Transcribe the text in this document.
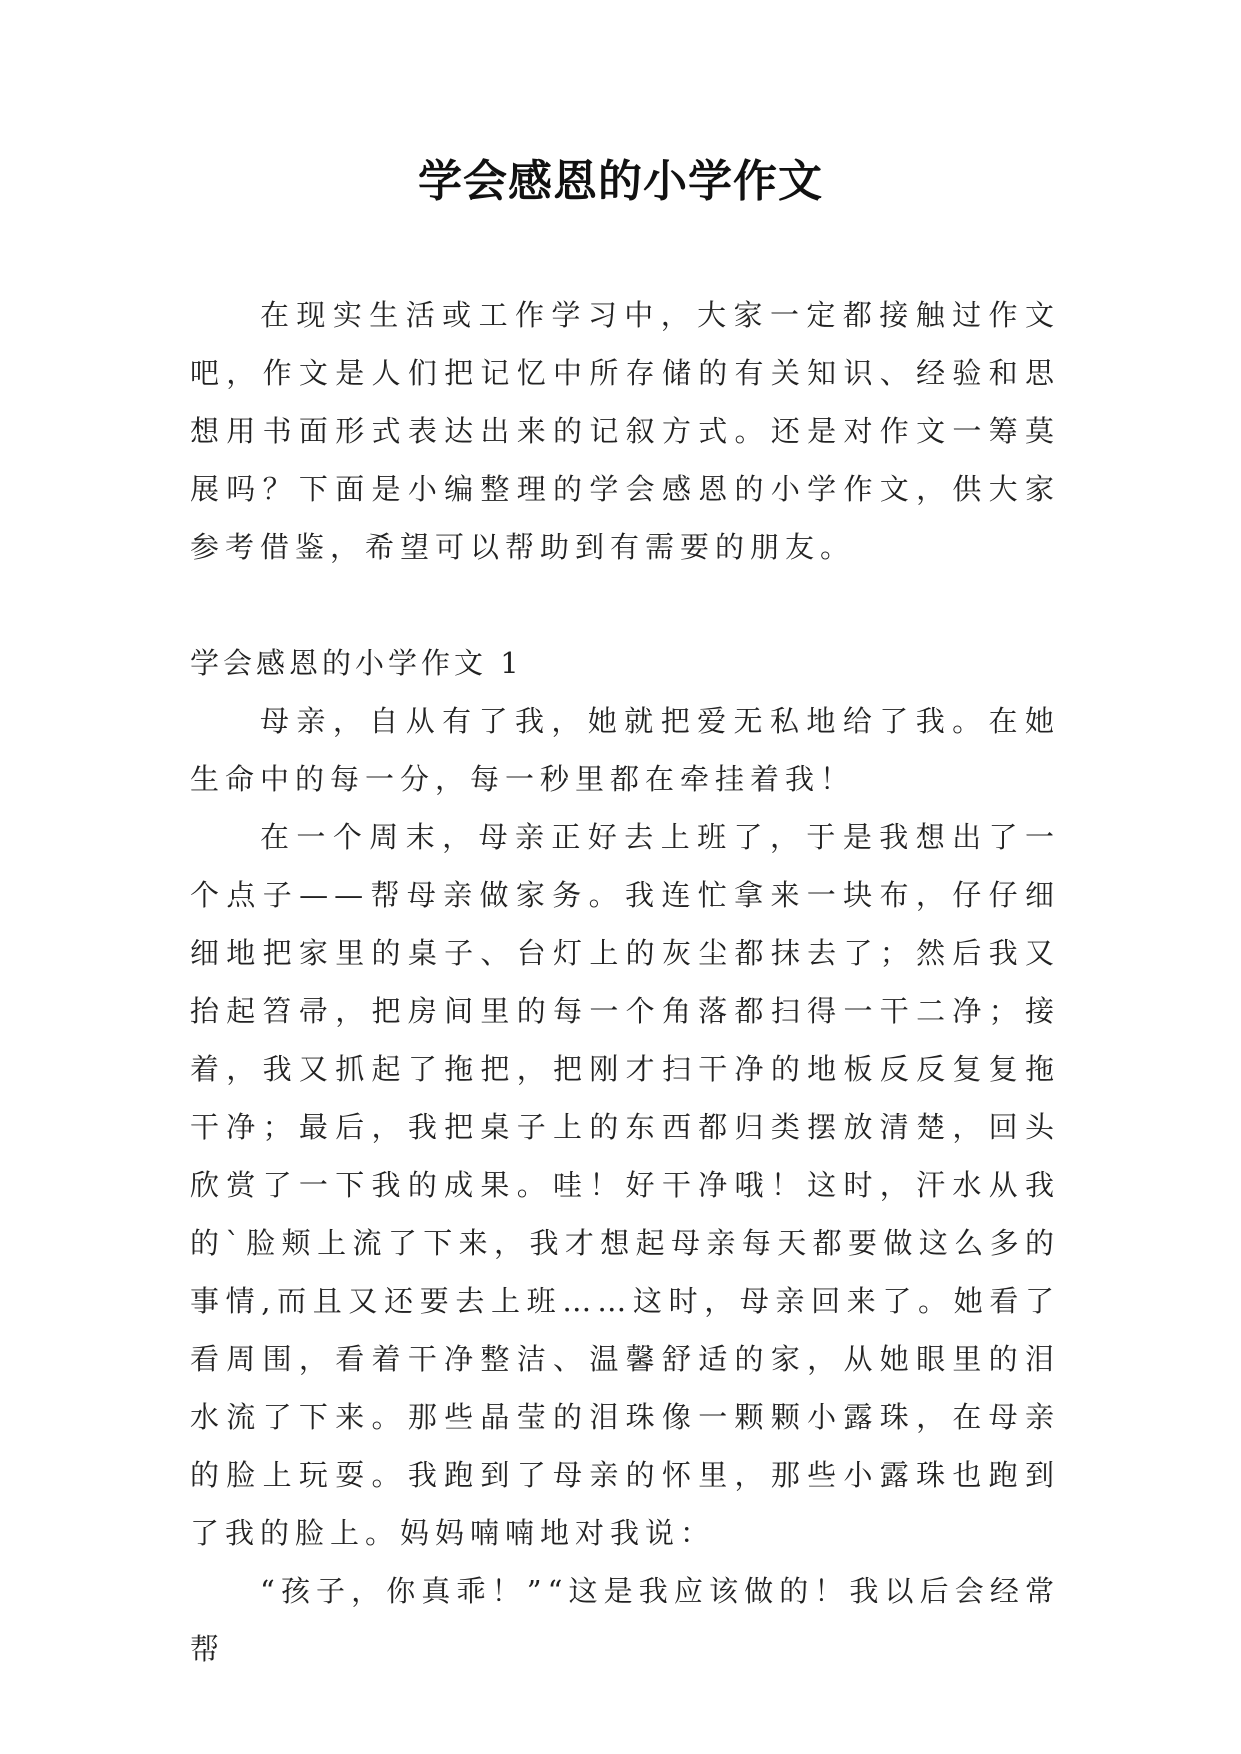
学会感恩的小学作文

在现实生活或工作学习中，大家一定都接触过作文吧，作文是人们把记忆中所存储的有关知识、经验和思想用书面形式表达出来的记叙方式。还是对作文一筹莫展吗？下面是小编整理的学会感恩的小学作文，供大家参考借鉴，希望可以帮助到有需要的朋友。

学会感恩的小学作文 1

母亲，自从有了我，她就把爱无私地给了我。在她生命中的每一分，每一秒里都在牵挂着我！

在一个周末，母亲正好去上班了，于是我想出了一个点子——帮母亲做家务。我连忙拿来一块布，仔仔细细地把家里的桌子、台灯上的灰尘都抹去了；然后我又抬起笤帚，把房间里的每一个角落都扫得一干二净；接着，我又抓起了拖把，把刚才扫干净的地板反反复复拖干净；最后，我把桌子上的东西都归类摆放清楚，回头欣赏了一下我的成果。哇！好干净哦！这时，汗水从我的`脸颊上流了下来，我才想起母亲每天都要做这么多的事情,而且又还要去上班……这时，母亲回来了。她看了看周围，看着干净整洁、温馨舒适的家，从她眼里的泪水流了下来。那些晶莹的泪珠像一颗颗小露珠，在母亲的脸上玩耍。我跑到了母亲的怀里，那些小露珠也跑到了我的脸上。妈妈喃喃地对我说：

“孩子，你真乖！”“这是我应该做的！我以后会经常帮
